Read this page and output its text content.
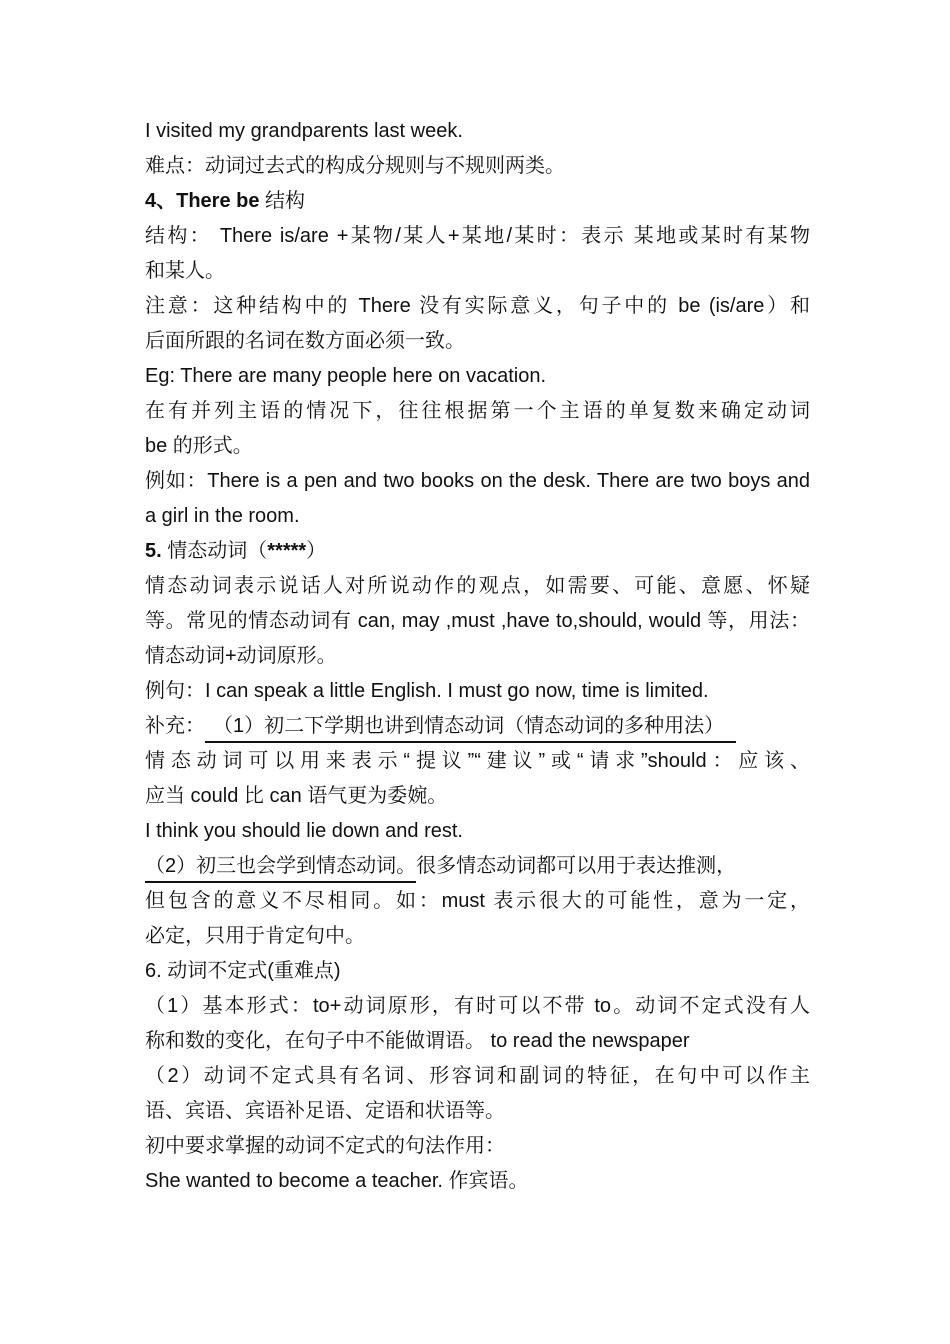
I visited my grandparents last week.
难点：动词过去式的构成分规则与不规则两类。
4、There be 结构
结构： There is/are +某物/某人+某地/某时：表示 某地或某时有某物
和某人。
注意：这种结构中的 There 没有实际意义，句子中的 be (is/are）和
后面所跟的名词在数方面必须一致。
Eg: There are many people here on vacation.
在有并列主语的情况下，往往根据第一个主语的单复数来确定动词
be 的形式。
例如：There is a pen and two books on the desk. There are two boys and
a girl in the room.
5. 情态动词（*****）
情态动词表示说话人对所说动作的观点，如需要、可能、意愿、怀疑
等。常见的情态动词有 can, may ,must ,have to,should, would 等，用法：
情态动词+动词原形。
例句：I can speak a little English. I must go now, time is limited.
补充： （1）初二下学期也讲到情态动词（情态动词的多种用法）
情态动词可以用来表示“提议”“建议”或“请求”should：应该、
应当 could 比 can 语气更为委婉。
I think you should lie down and rest.
（2）初三也会学到情态动词。很多情态动词都可以用于表达推测，
但包含的意义不尽相同。如：must 表示很大的可能性，意为一定，
必定，只用于肯定句中。
6. 动词不定式(重难点)
（1）基本形式：to+动词原形，有时可以不带 to。动词不定式没有人
称和数的变化，在句子中不能做谓语。 to read the newspaper
（2）动词不定式具有名词、形容词和副词的特征，在句中可以作主
语、宾语、宾语补足语、定语和状语等。
初中要求掌握的动词不定式的句法作用：
She wanted to become a teacher. 作宾语。
